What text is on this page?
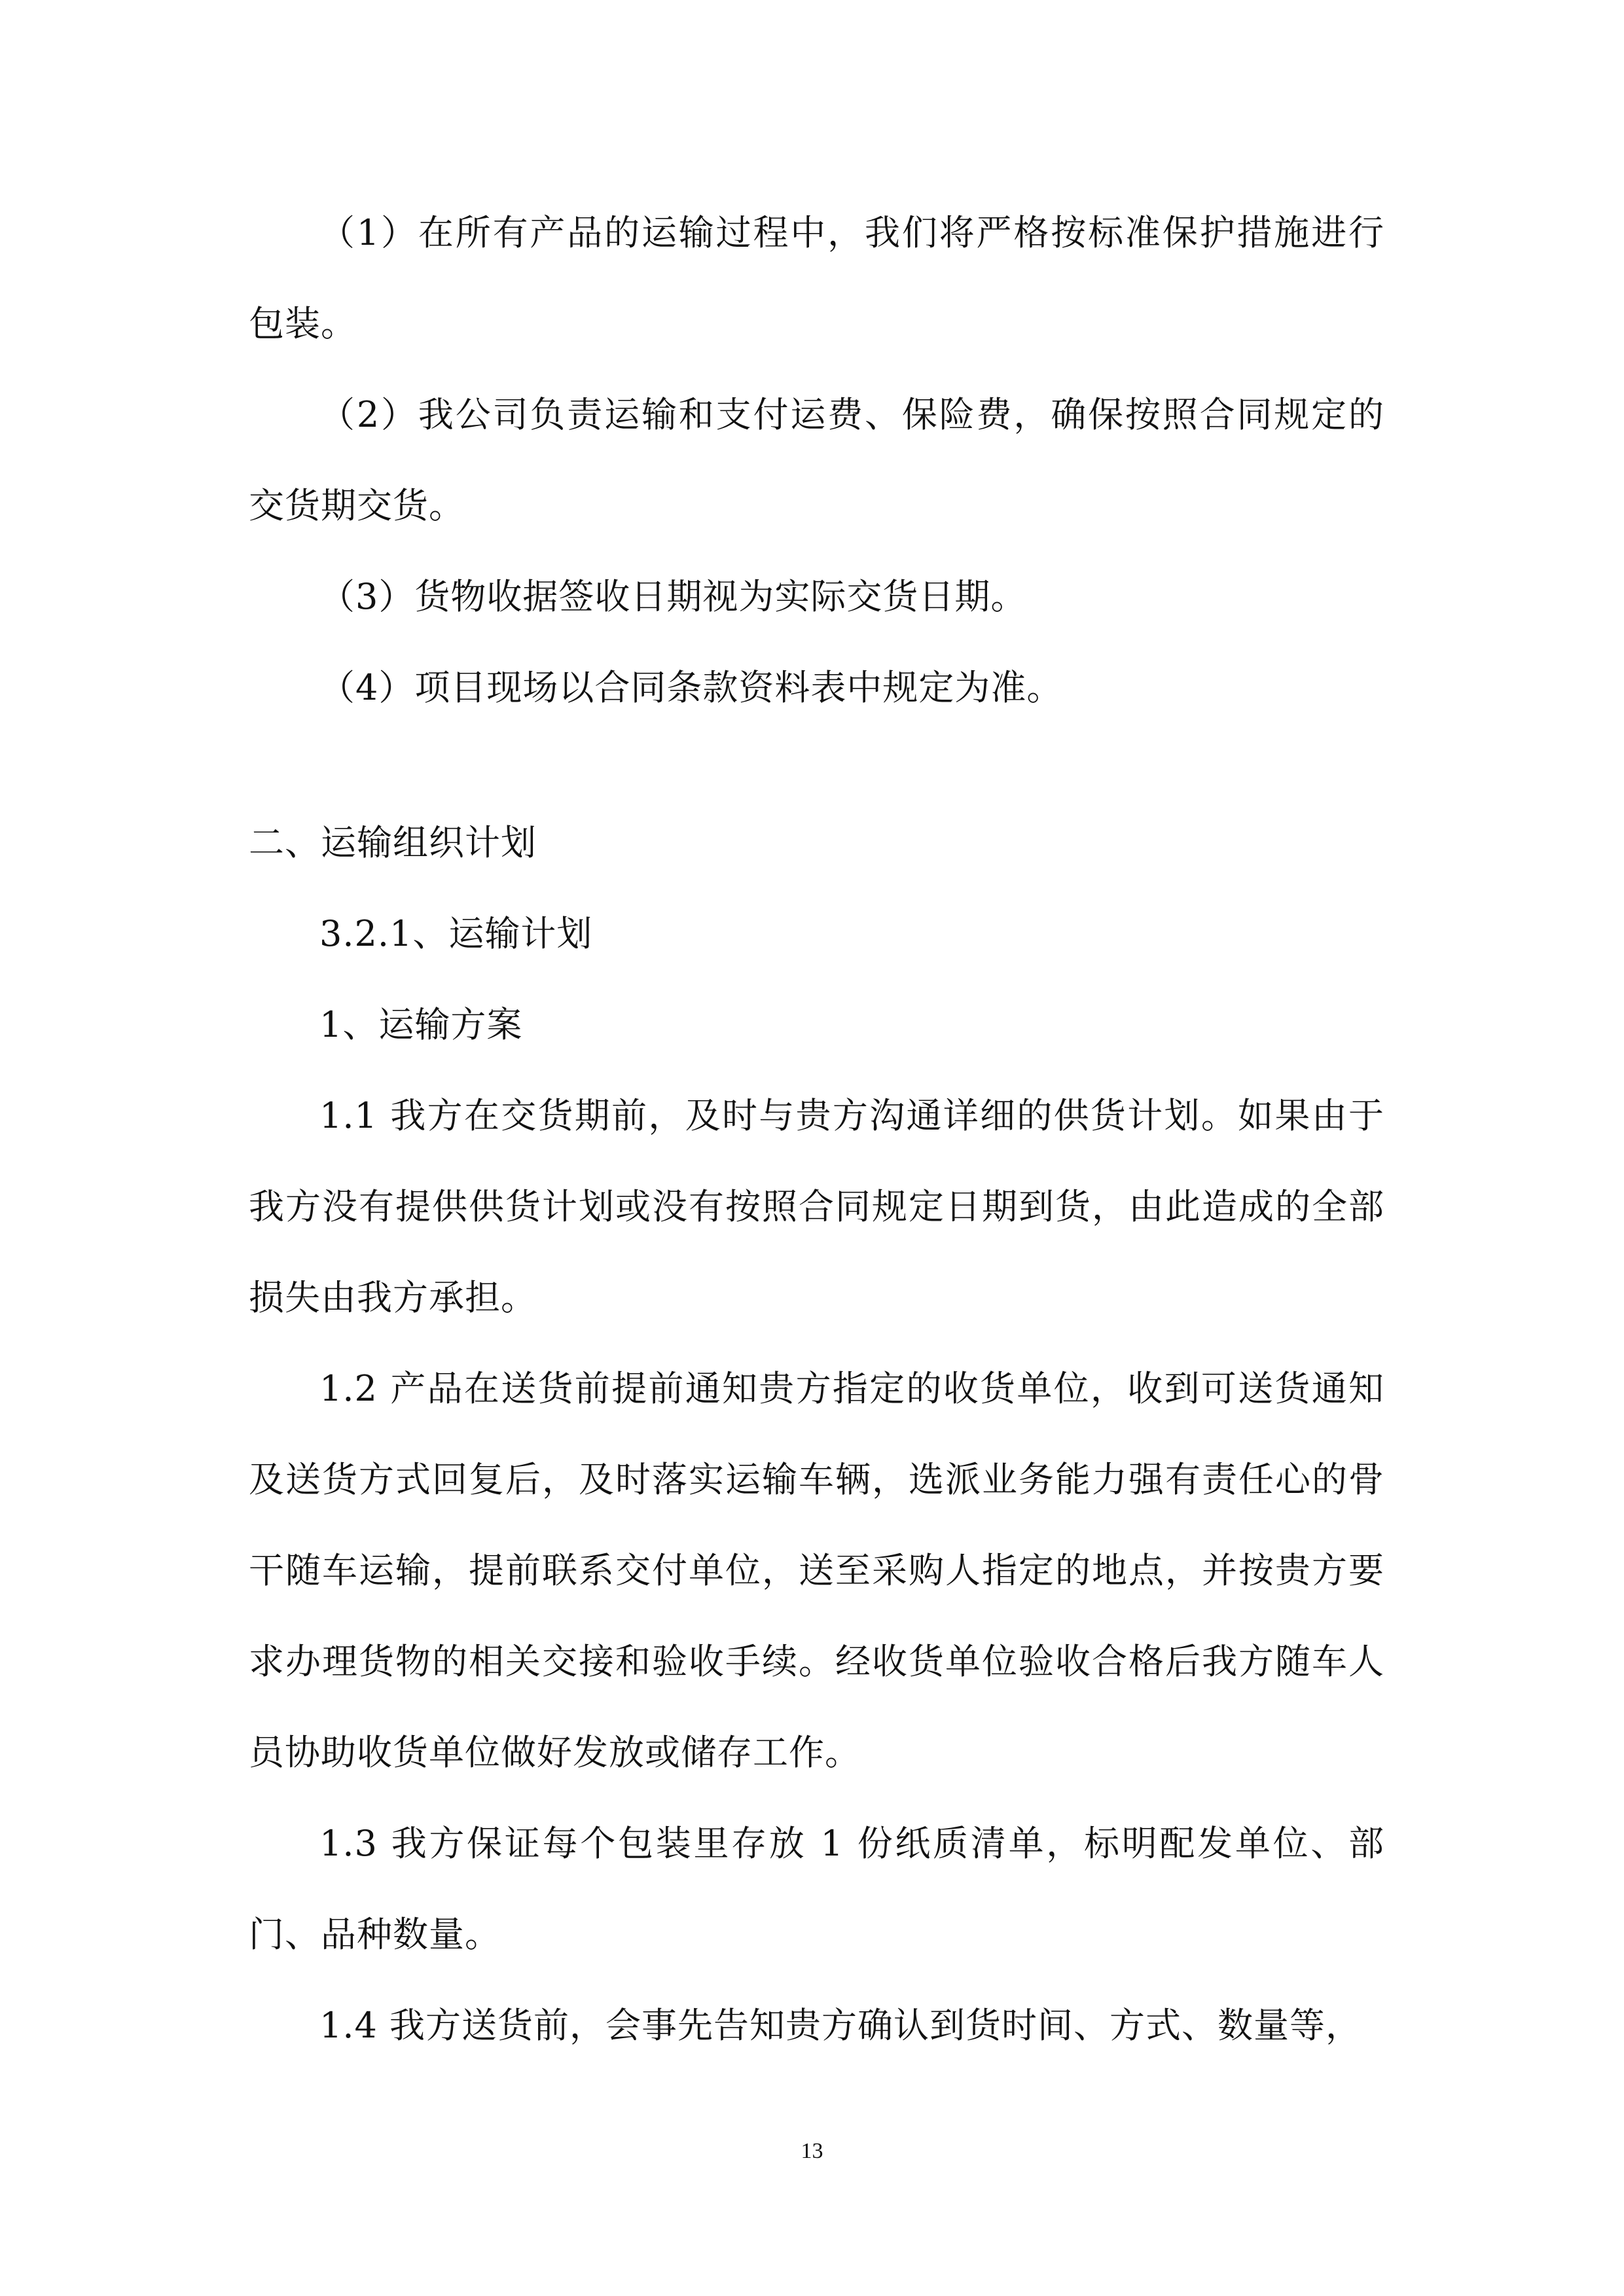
（1）在所有产品的运输过程中，我们将严格按标准保护措施进行包装。

（2）我公司负责运输和支付运费、保险费，确保按照合同规定的交货期交货。

（3）货物收据签收日期视为实际交货日期。

（4）项目现场以合同条款资料表中规定为准。

二、运输组织计划

3.2.1、运输计划

1、运输方案

1.1 我方在交货期前，及时与贵方沟通详细的供货计划。如果由于我方没有提供供货计划或没有按照合同规定日期到货，由此造成的全部损失由我方承担。

1.2 产品在送货前提前通知贵方指定的收货单位，收到可送货通知及送货方式回复后，及时落实运输车辆，选派业务能力强有责任心的骨干随车运输，提前联系交付单位，送至采购人指定的地点，并按贵方要求办理货物的相关交接和验收手续。经收货单位验收合格后我方随车人员协助收货单位做好发放或储存工作。

1.3 我方保证每个包装里存放 1 份纸质清单，标明配发单位、部门、品种数量。

1.4 我方送货前，会事先告知贵方确认到货时间、方式、数量等，

13
